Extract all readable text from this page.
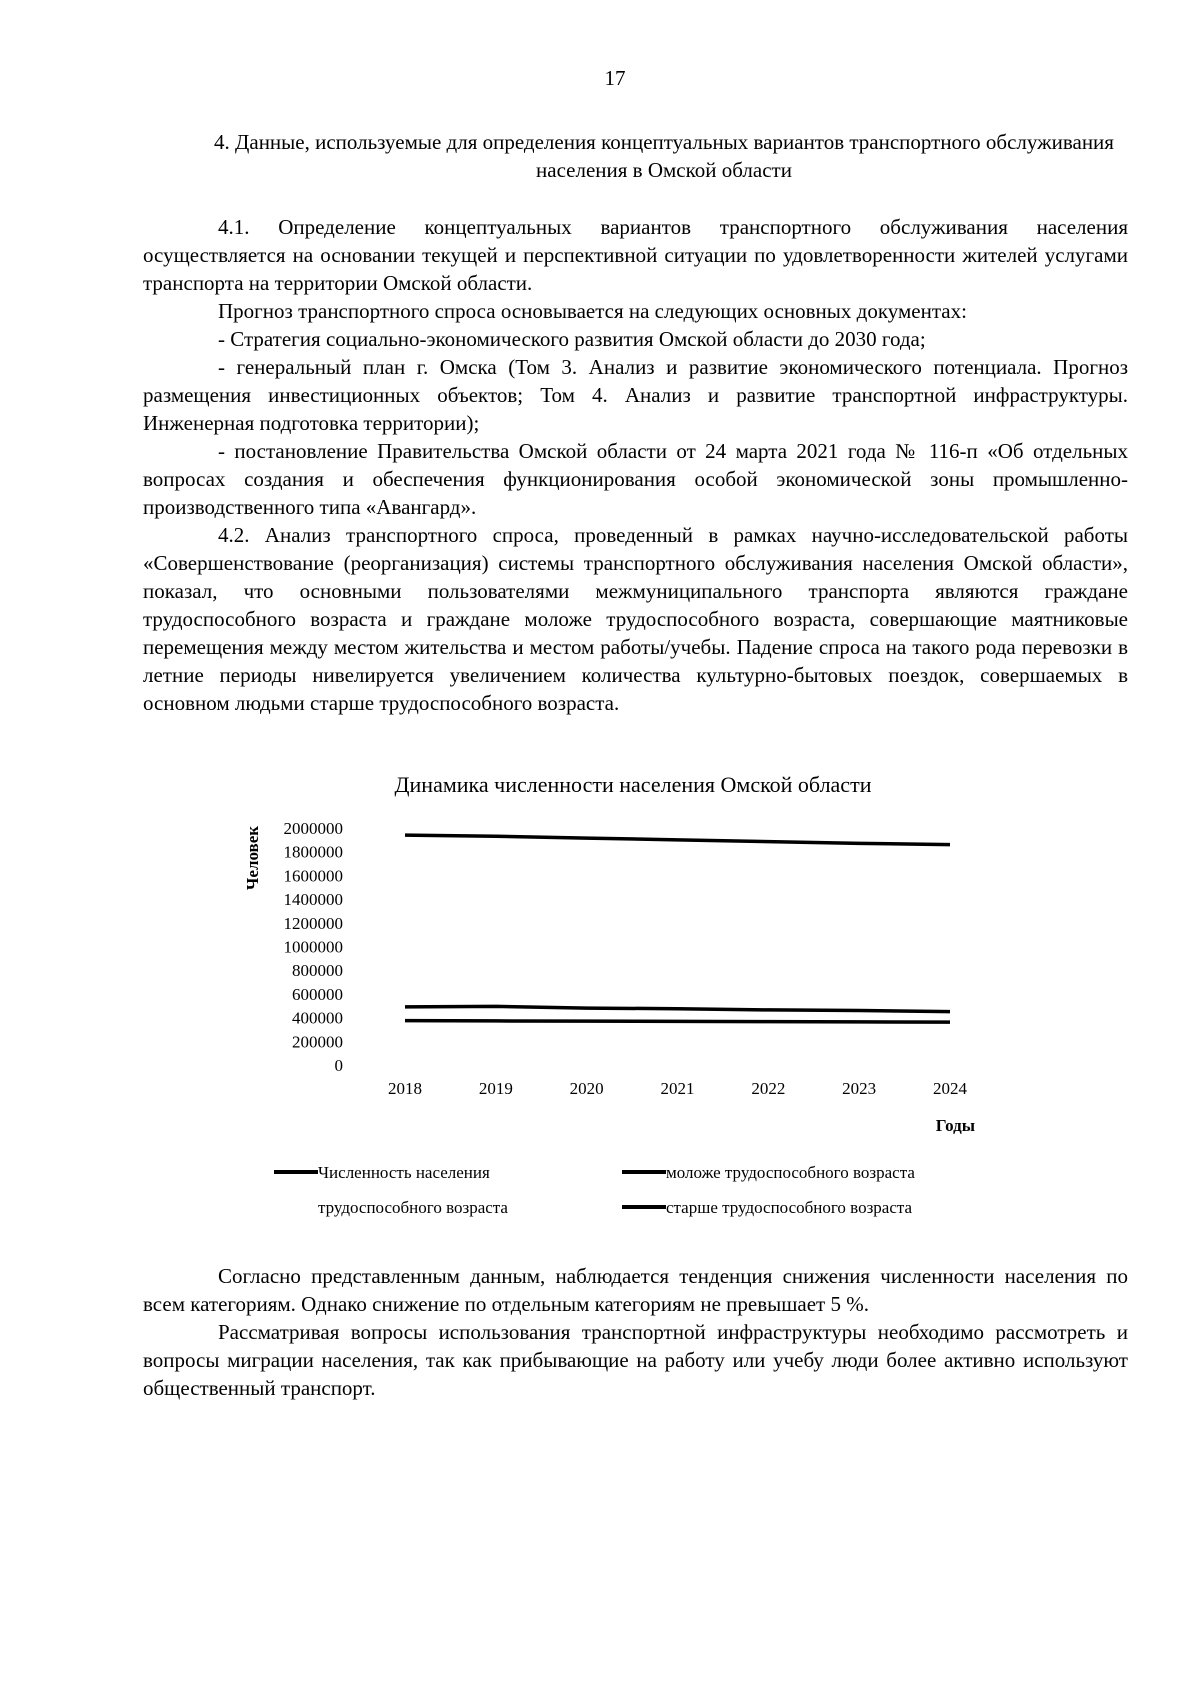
17
4. Данные, используемые для определения концептуальных вариантов транспортного обслуживания населения в Омской области

4.1. Определение концептуальных вариантов транспортного обслуживания населения осуществляется на основании текущей и перспективной ситуации по удовлетворенности жителей услугами транспорта на территории Омской области.

Прогноз транспортного спроса основывается на следующих основных документах:

- Стратегия социально-экономического развития Омской области до 2030 года;

- генеральный план г. Омска (Том 3. Анализ и развитие экономического потенциала. Прогноз размещения инвестиционных объектов; Том 4. Анализ и развитие транспортной инфраструктуры. Инженерная подготовка территории);

- постановление Правительства Омской области от 24 марта 2021 года № 116-п «Об отдельных вопросах создания и обеспечения функционирования особой экономической зоны промышленно-производственного типа «Авангард».

4.2. Анализ транспортного спроса, проведенный в рамках научно-исследовательской работы «Совершенствование (реорганизация) системы транспортного обслуживания населения Омской области», показал, что основными пользователями межмуниципального транспорта являются граждане трудоспособного возраста и граждане моложе трудоспособного возраста, совершающие маятниковые перемещения между местом жительства и местом работы/учебы. Падение спроса на такого рода перевозки в летние периоды нивелируется увеличением количества культурно-бытовых поездок, совершаемых в основном людьми старше трудоспособного возраста.

Динамика численности населения Омской области
Человек
Годы
0
200000
400000
600000
800000
1000000
1200000
1400000
1600000
1800000
2000000
2018	2019	2020	2021	2022	2023	2024
Численность населения
трудоспособного возраста
моложе трудоспособного возраста
старше трудоспособного возраста

Согласно представленным данным, наблюдается тенденция снижения численности населения по всем категориям. Однако снижение по отдельным категориям не превышает 5 %.

Рассматривая вопросы использования транспортной инфраструктуры необходимо рассмотреть и вопросы миграции населения, так как прибывающие на работу или учебу люди более активно используют общественный транспорт.
